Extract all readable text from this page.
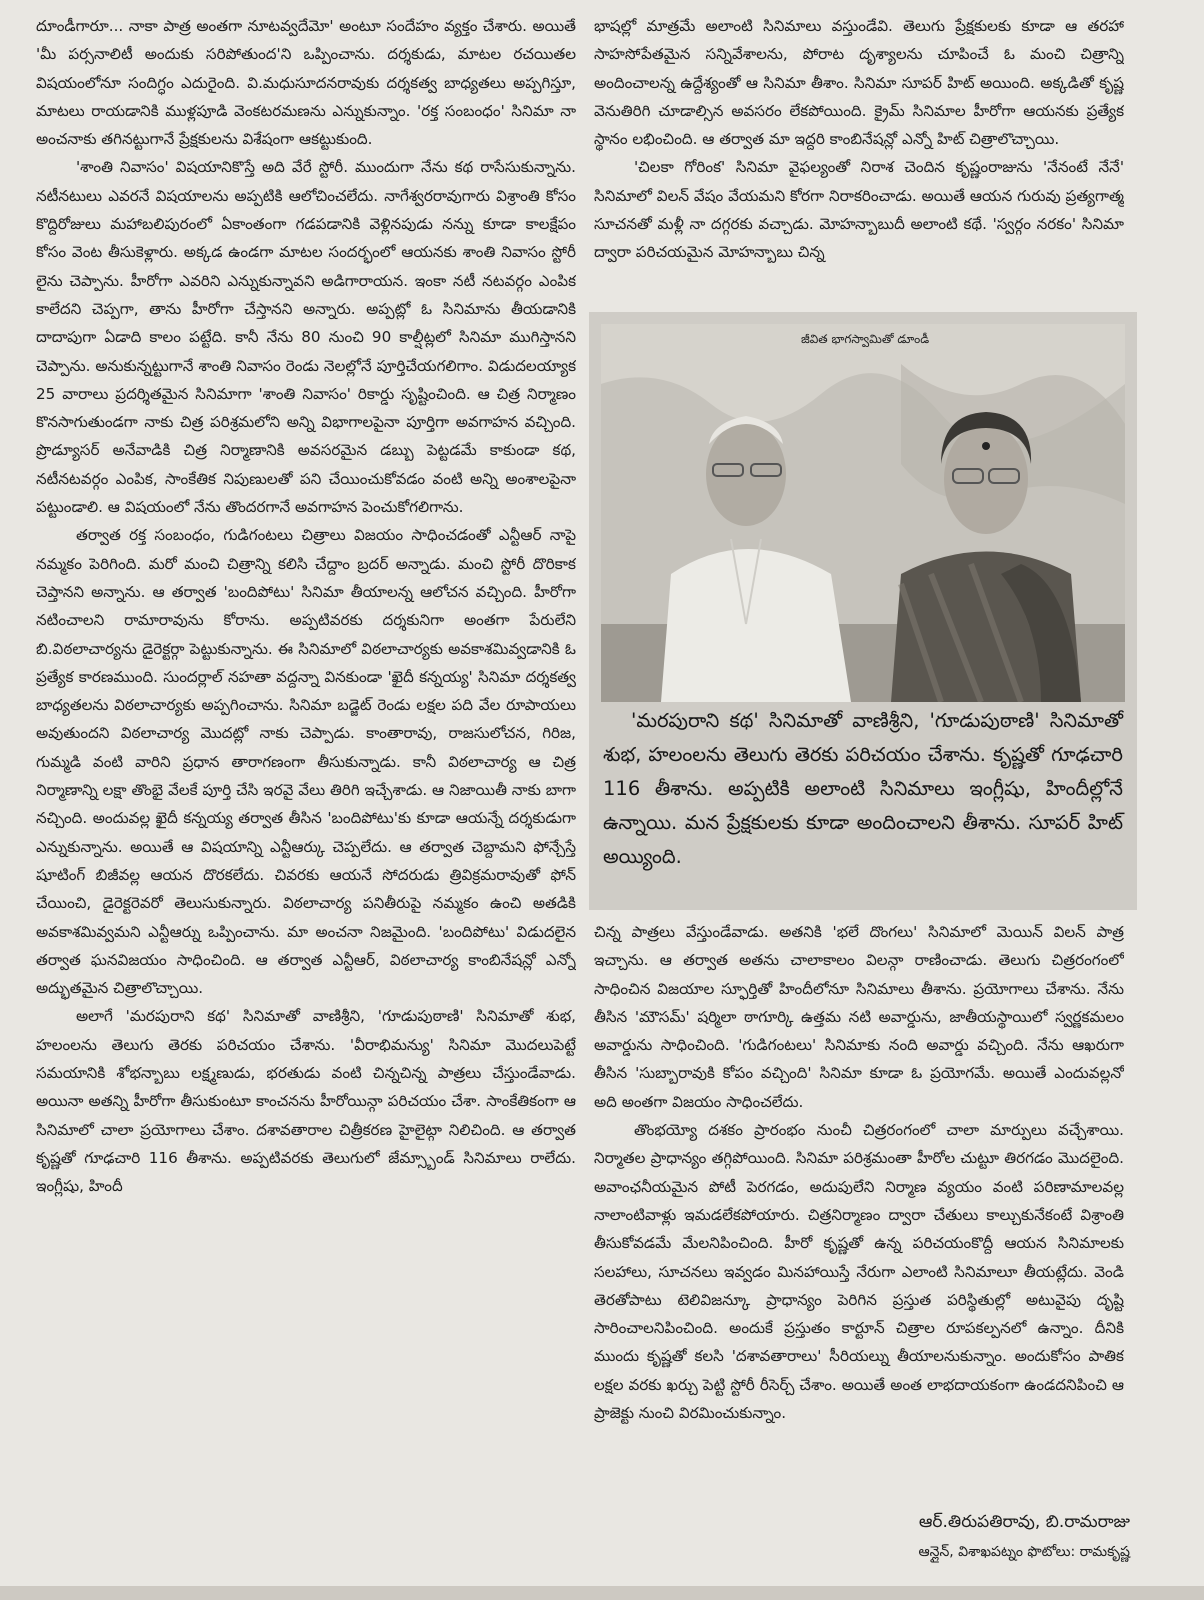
దూండీగారూ... నాకా పాత్ర అంతగా నూటవ్వదేమో' అంటూ సందేహం వ్యక్తం చేశారు. అయితే 'మీ పర్సనాలిటీ అందుకు సరిపోతుంద'ని ఒప్పించాను. దర్శకుడు, మాటల రచయితల విషయంలోనూ సందిగ్ధం ఎదురైంది. వి.మధుసూదనరావుకు దర్శకత్వ బాధ్యతలు అప్పగిస్తూ, మాటలు రాయడానికి ముళ్లపూడి వెంకటరమణను ఎన్నుకున్నాం. 'రక్త సంబంధం' సినిమా నా అంచనాకు తగినట్టుగానే ప్రేక్షకులను విశేషంగా ఆకట్టుకుంది.

'శాంతి నివాసం' విషయానికొస్తే అది వేరే స్టోరీ. ముందుగా నేను కథ రాసేసుకున్నాను. నటీనటులు ఎవరనే విషయాలను అప్పటికి ఆలోచించలేదు. నాగేశ్వరరావుగారు విశ్రాంతి కోసం కొద్దిరోజులు మహాబలిపురంలో ఏకాంతంగా గడపడానికి వెళ్లినపుడు నన్ను కూడా కాలక్షేపం కోసం వెంట తీసుకెళ్లారు. అక్కడ ఉండగా మాటల సందర్భంలో ఆయనకు శాంతి నివాసం స్టోరీ లైను చెప్పాను. హీరోగా ఎవరిని ఎన్నుకున్నావని అడిగారాయన. ఇంకా నటీ నటవర్గం ఎంపిక కాలేదని చెప్పగా, తాను హీరోగా చేస్తానని అన్నారు. అప్పట్లో ఓ సినిమాను తీయడానికి దాదాపుగా ఏడాది కాలం పట్టేది. కానీ నేను 80 నుంచి 90 కాల్షీట్లలో సినిమా ముగిస్తానని చెప్పాను. అనుకున్నట్టుగానే శాంతి నివాసం రెండు నెలల్లోనే పూర్తిచేయగలిగాం. విడుదలయ్యాక 25 వారాలు ప్రదర్శితమైన సినిమాగా 'శాంతి నివాసం' రికార్డు సృష్టించింది. ఆ చిత్ర నిర్మాణం కొనసాగుతుండగా నాకు చిత్ర పరిశ్రమలోని అన్ని విభాగాలపైనా పూర్తిగా అవగాహన వచ్చింది. ప్రొడ్యూసర్ అనేవాడికి చిత్ర నిర్మాణానికి అవసరమైన డబ్బు పెట్టడమే కాకుండా కథ, నటీనటవర్గం ఎంపిక, సాంకేతిక నిపుణులతో పని చేయించుకోవడం వంటి అన్ని అంశాలపైనా పట్టుండాలి. ఆ విషయంలో నేను తొందరగానే అవగాహన పెంచుకోగలిగాను.

తర్వాత రక్త సంబంధం, గుడిగంటలు చిత్రాలు విజయం సాధించడంతో ఎన్టీఆర్ నాపై నమ్మకం పెరిగింది. మరో మంచి చిత్రాన్ని కలిసి చేద్దాం బ్రదర్ అన్నాడు. మంచి స్టోరీ దొరికాక చెప్తానని అన్నాను. ఆ తర్వాత 'బందిపోటు' సినిమా తీయాలన్న ఆలోచన వచ్చింది. హీరోగా నటించాలని రామారావును కోరాను. అప్పటివరకు దర్శకునిగా అంతగా పేరులేని బి.విఠలాచార్యను డైరెక్టర్గా పెట్టుకున్నాను. ఈ సినిమాలో విఠలాచార్యకు అవకాశమివ్వడానికి ఓ ప్రత్యేక కారణముంది. సుందర్లాల్ నహతా వద్దన్నా వినకుండా 'ఖైదీ కన్నయ్య' సినిమా దర్శకత్వ బాధ్యతలను విఠలాచార్యకు అప్పగించాను. సినిమా బడ్జెట్ రెండు లక్షల పది వేల రూపాయలు అవుతుందని విఠలాచార్య మొదట్లో నాకు చెప్పాడు. కాంతారావు, రాజసులోచన, గిరిజ, గుమ్మడి వంటి వారిని ప్రధాన తారాగణంగా తీసుకున్నాడు. కానీ విఠలాచార్య ఆ చిత్ర నిర్మాణాన్ని లక్షా తొంభై వేలకే పూర్తి చేసి ఇరవై వేలు తిరిగి ఇచ్చేశాడు. ఆ నిజాయితీ నాకు బాగా నచ్చింది. అందువల్ల ఖైదీ కన్నయ్య తర్వాత తీసిన 'బందిపోటు'కు కూడా ఆయన్నే దర్శకుడుగా ఎన్నుకున్నాను. అయితే ఆ విషయాన్ని ఎన్టీఆర్కు చెప్పలేదు. ఆ తర్వాత చెబ్దామని ఫోన్చేస్తే షూటింగ్ బిజీవల్ల ఆయన దొరకలేదు. చివరకు ఆయనే సోదరుడు త్రివిక్రమరావుతో ఫోన్ చేయించి, డైరెక్టరెవరో తెలుసుకున్నారు. విఠలాచార్య పనితీరుపై నమ్మకం ఉంచి అతడికి అవకాశమివ్వమని ఎన్టీఆర్ను ఒప్పించాను. మా అంచనా నిజమైంది. 'బందిపోటు' విడుదలైన తర్వాత ఘనవిజయం సాధించింది. ఆ తర్వాత ఎన్టీఆర్, విఠలాచార్య కాంబినేషన్లో ఎన్నో అద్భుతమైన చిత్రాలొచ్చాయి.

అలాగే 'మరపురాని కథ' సినిమాతో వాణిశ్రీని, 'గూడుపుఠాణి' సినిమాతో శుభ, హలంలను తెలుగు తెరకు పరిచయం చేశాను. 'వీరాభిమన్యు' సినిమా మొదలుపెట్టే సమయానికి శోభన్బాబు లక్ష్మణుడు, భరతుడు వంటి చిన్నచిన్న పాత్రలు చేస్తుండేవాడు. అయినా అతన్ని హీరోగా తీసుకుంటూ కాంచనను హీరోయిన్గా పరిచయం చేశా. సాంకేతికంగా ఆ సినిమాలో చాలా ప్రయోగాలు చేశాం. దశావతారాల చిత్రీకరణ హైలైట్గా నిలిచింది. ఆ తర్వాత కృష్ణతో గూఢచారి 116 తీశాను. అప్పటివరకు తెలుగులో జేమ్స్బాండ్ సినిమాలు రాలేదు. ఇంగ్లీషు, హిందీ

భాషల్లో మాత్రమే అలాంటి సినిమాలు వస్తుండేవి. తెలుగు ప్రేక్షకులకు కూడా ఆ తరహా సాహసోపేతమైన సన్నివేశాలను, పోరాట దృశ్యాలను చూపించే ఓ మంచి చిత్రాన్ని అందించాలన్న ఉద్దేశ్యంతో ఆ సినిమా తీశాం. సినిమా సూపర్ హిట్ అయింది. అక్కడితో కృష్ణ వెనుతిరిగి చూడాల్సిన అవసరం లేకపోయింది. క్రైమ్ సినిమాల హీరోగా ఆయనకు ప్రత్యేక స్థానం లభించింది. ఆ తర్వాత మా ఇద్దరి కాంబినేషన్లో ఎన్నో హిట్ చిత్రాలొచ్చాయి.

'చిలకా గోరింక' సినిమా వైఫల్యంతో నిరాశ చెందిన కృష్ణంరాజును 'నేనంటే నేనే' సినిమాలో విలన్ వేషం వేయమని కోరగా నిరాకరించాడు. అయితే ఆయన గురువు ప్రత్యగాత్మ సూచనతో మళ్లీ నా దగ్గరకు వచ్చాడు. మోహన్బాబుదీ అలాంటి కథే. 'స్వర్గం నరకం' సినిమా ద్వారా పరిచయమైన మోహన్బాబు చిన్న

జీవిత భాగస్వామితో డూండీ
'మరపురాని కథ' సినిమాతో వాణిశ్రీని, 'గూడుపుఠాణి' సినిమాతో శుభ, హలంలను తెలుగు తెరకు పరిచయం చేశాను. కృష్ణతో గూఢచారి 116 తీశాను. అప్పటికి అలాంటి సినిమాలు ఇంగ్లీషు, హిందీల్లోనే ఉన్నాయి. మన ప్రేక్షకులకు కూడా అందించాలని తీశాను. సూపర్ హిట్ అయ్యింది.

చిన్న పాత్రలు వేస్తుండేవాడు. అతనికి 'భలే దొంగలు' సినిమాలో మెయిన్ విలన్ పాత్ర ఇచ్చాను. ఆ తర్వాత అతను చాలాకాలం విలన్గా రాణించాడు. తెలుగు చిత్రరంగంలో సాధించిన విజయాల స్ఫూర్తితో హిందీలోనూ సినిమాలు తీశాను. ప్రయోగాలు చేశాను. నేను తీసిన 'మౌసమ్' షర్మిలా ఠాగూర్కి ఉత్తమ నటి అవార్డును, జాతీయస్థాయిలో స్వర్ణకమలం అవార్డును సాధించింది. 'గుడిగంటలు' సినిమాకు నంది అవార్డు వచ్చింది. నేను ఆఖరుగా తీసిన 'సుబ్బారావుకి కోపం వచ్చింది' సినిమా కూడా ఓ ప్రయోగమే. అయితే ఎందువల్లనో అది అంతగా విజయం సాధించలేదు.

తొంభయ్యో దశకం ప్రారంభం నుంచీ చిత్రరంగంలో చాలా మార్పులు వచ్చేశాయి. నిర్మాతల ప్రాధాన్యం తగ్గిపోయింది. సినిమా పరిశ్రమంతా హీరోల చుట్టూ తిరగడం మొదలైంది. అవాంఛనీయమైన పోటీ పెరగడం, అదుపులేని నిర్మాణ వ్యయం వంటి పరిణామాలవల్ల నాలాంటివాళ్లు ఇమడలేకపోయారు. చిత్రనిర్మాణం ద్వారా చేతులు కాల్చుకునేకంటే విశ్రాంతి తీసుకోవడమే మేలనిపించింది. హీరో కృష్ణతో ఉన్న పరిచయంకొద్దీ ఆయన సినిమాలకు సలహాలు, సూచనలు ఇవ్వడం మినహాయిస్తే నేరుగా ఎలాంటి సినిమాలూ తీయట్లేదు. వెండి తెరతోపాటు టెలివిజన్కూ ప్రాధాన్యం పెరిగిన ప్రస్తుత పరిస్థితుల్లో అటువైపు దృష్టి సారించాలనిపించింది. అందుకే ప్రస్తుతం కార్టూన్ చిత్రాల రూపకల్పనలో ఉన్నాం. దీనికి ముందు కృష్ణతో కలసి 'దశావతారాలు' సీరియల్ను తీయాలనుకున్నాం. అందుకోసం పాతిక లక్షల వరకు ఖర్చు పెట్టి స్టోరీ రీసెర్చ్ చేశాం. అయితే అంత లాభదాయకంగా ఉండదనిపించి ఆ ప్రాజెక్టు నుంచి విరమించుకున్నాం.

ఆర్.తిరుపతిరావు, బి.రామరాజు
ఆన్లైన్, విశాఖపట్నం ఫొటోలు: రామకృష్ణ
